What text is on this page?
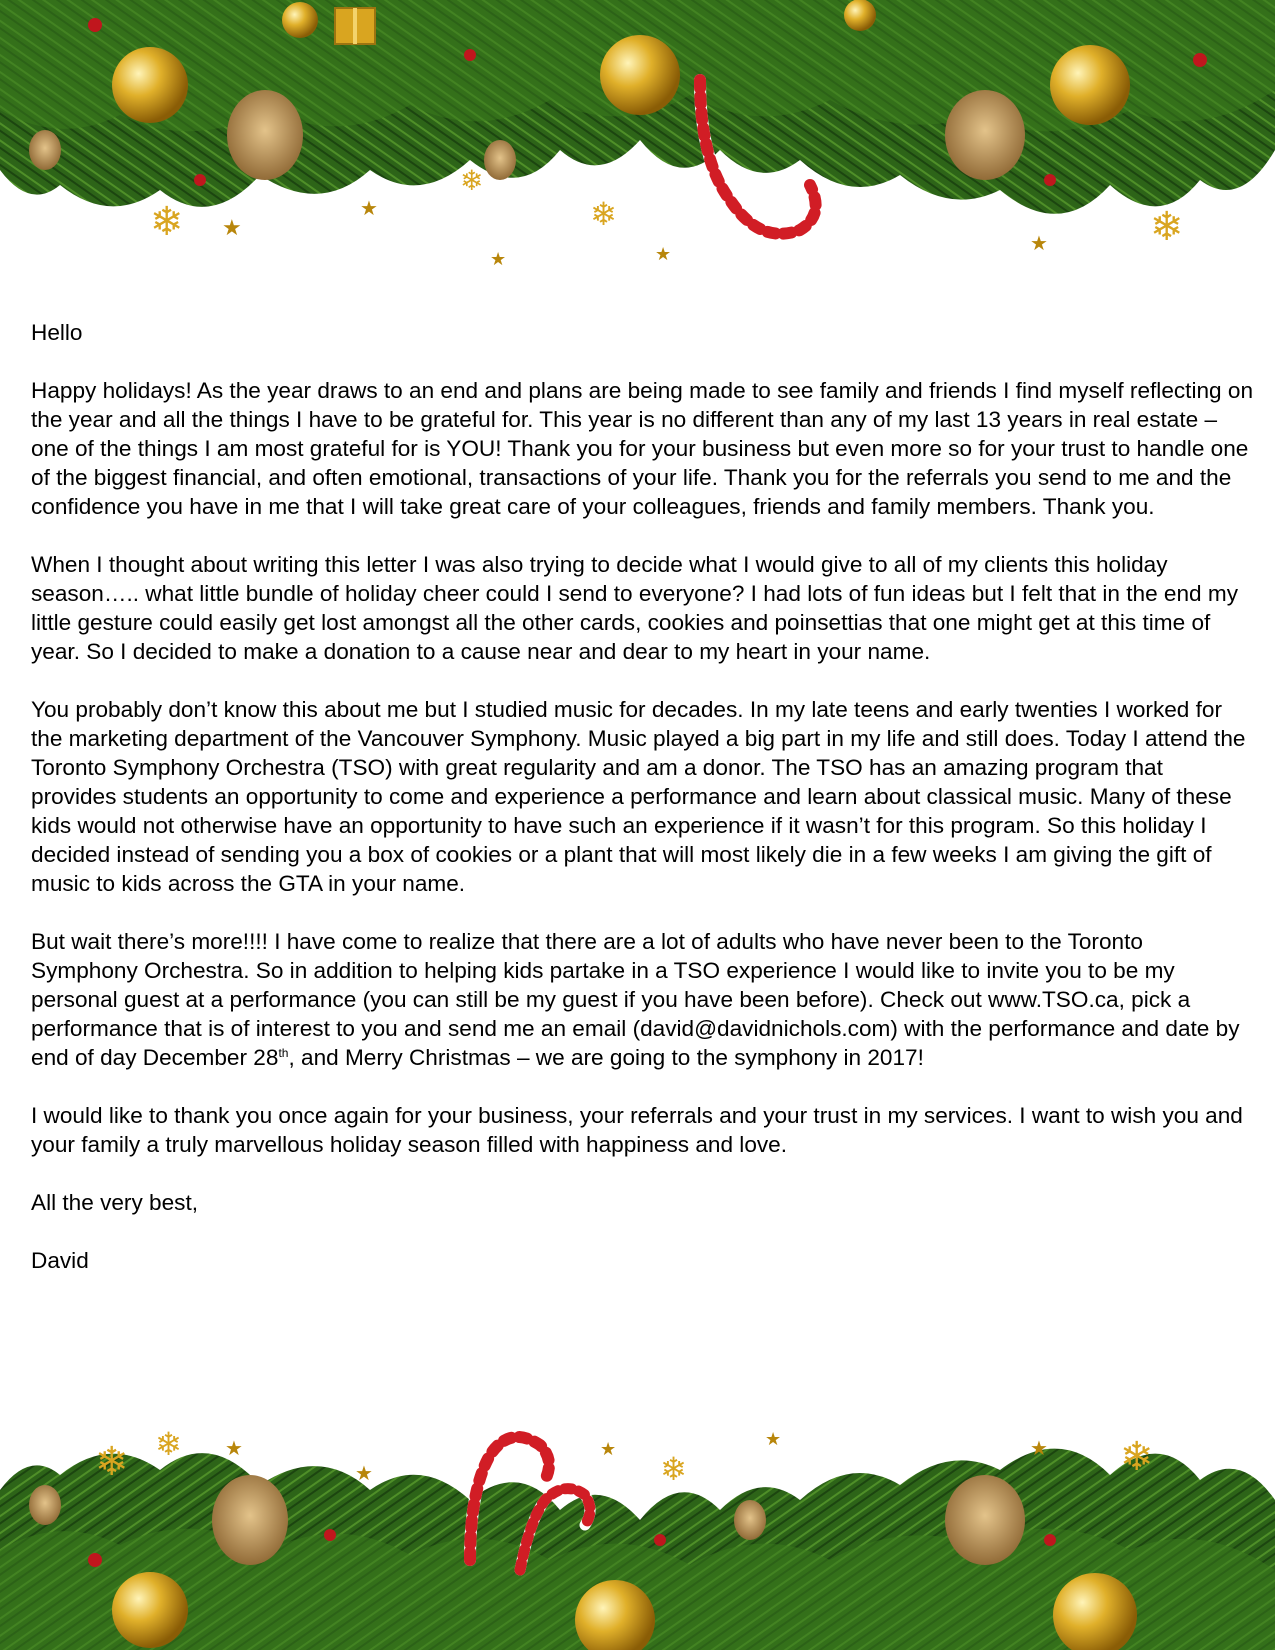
★
★	★	★
★
❄	❄	❄
❄

Hello

Happy holidays! As the year draws to an end and plans are being made to see family and friends I find myself reflecting on the year and all the things I have to be grateful for. This year is no different than any of my last 13 years in real estate – one of the things I am most grateful for is YOU! Thank you for your business but even more so for your trust to handle one of the biggest financial, and often emotional, transactions of your life. Thank you for the referrals you send to me and the confidence you have in me that I will take great care of your colleagues, friends and family members. Thank you.

When I thought about writing this letter I was also trying to decide what I would give to all of my clients this holiday season….. what little bundle of holiday cheer could I send to everyone? I had lots of fun ideas but I felt that in the end my little gesture could easily get lost amongst all the other cards, cookies and poinsettias that one might get at this time of year. So I decided to make a donation to a cause near and dear to my heart in your name.

You probably don’t know this about me but I studied music for decades. In my late teens and early twenties I worked for the marketing department of the Vancouver Symphony. Music played a big part in my life and still does. Today I attend the Toronto Symphony Orchestra (TSO) with great regularity and am a donor. The TSO has an amazing program that provides students an opportunity to come and experience a performance and learn about classical music. Many of these kids would not otherwise have an opportunity to have such an experience if it wasn’t for this program. So this holiday I decided instead of sending you a box of cookies or a plant that will most likely die in a few weeks I am giving the gift of music to kids across the GTA in your name.

But wait there’s more!!!! I have come to realize that there are a lot of adults who have never been to the Toronto Symphony Orchestra. So in addition to helping kids partake in a TSO experience I would like to invite you to be my personal guest at a performance (you can still be my guest if you have been before). Check out www.TSO.ca, pick a performance that is of interest to you and send me an email (david@davidnichols.com) with the performance and date by end of day December 28th, and Merry Christmas – we are going to the symphony in 2017!

I would like to thank you once again for your business, your referrals and your trust in my services. I want to wish you and your family a truly marvellous holiday season filled with happiness and love.

All the very best,

David

★	★	★	★
★
❄ ❄
❄	❄
